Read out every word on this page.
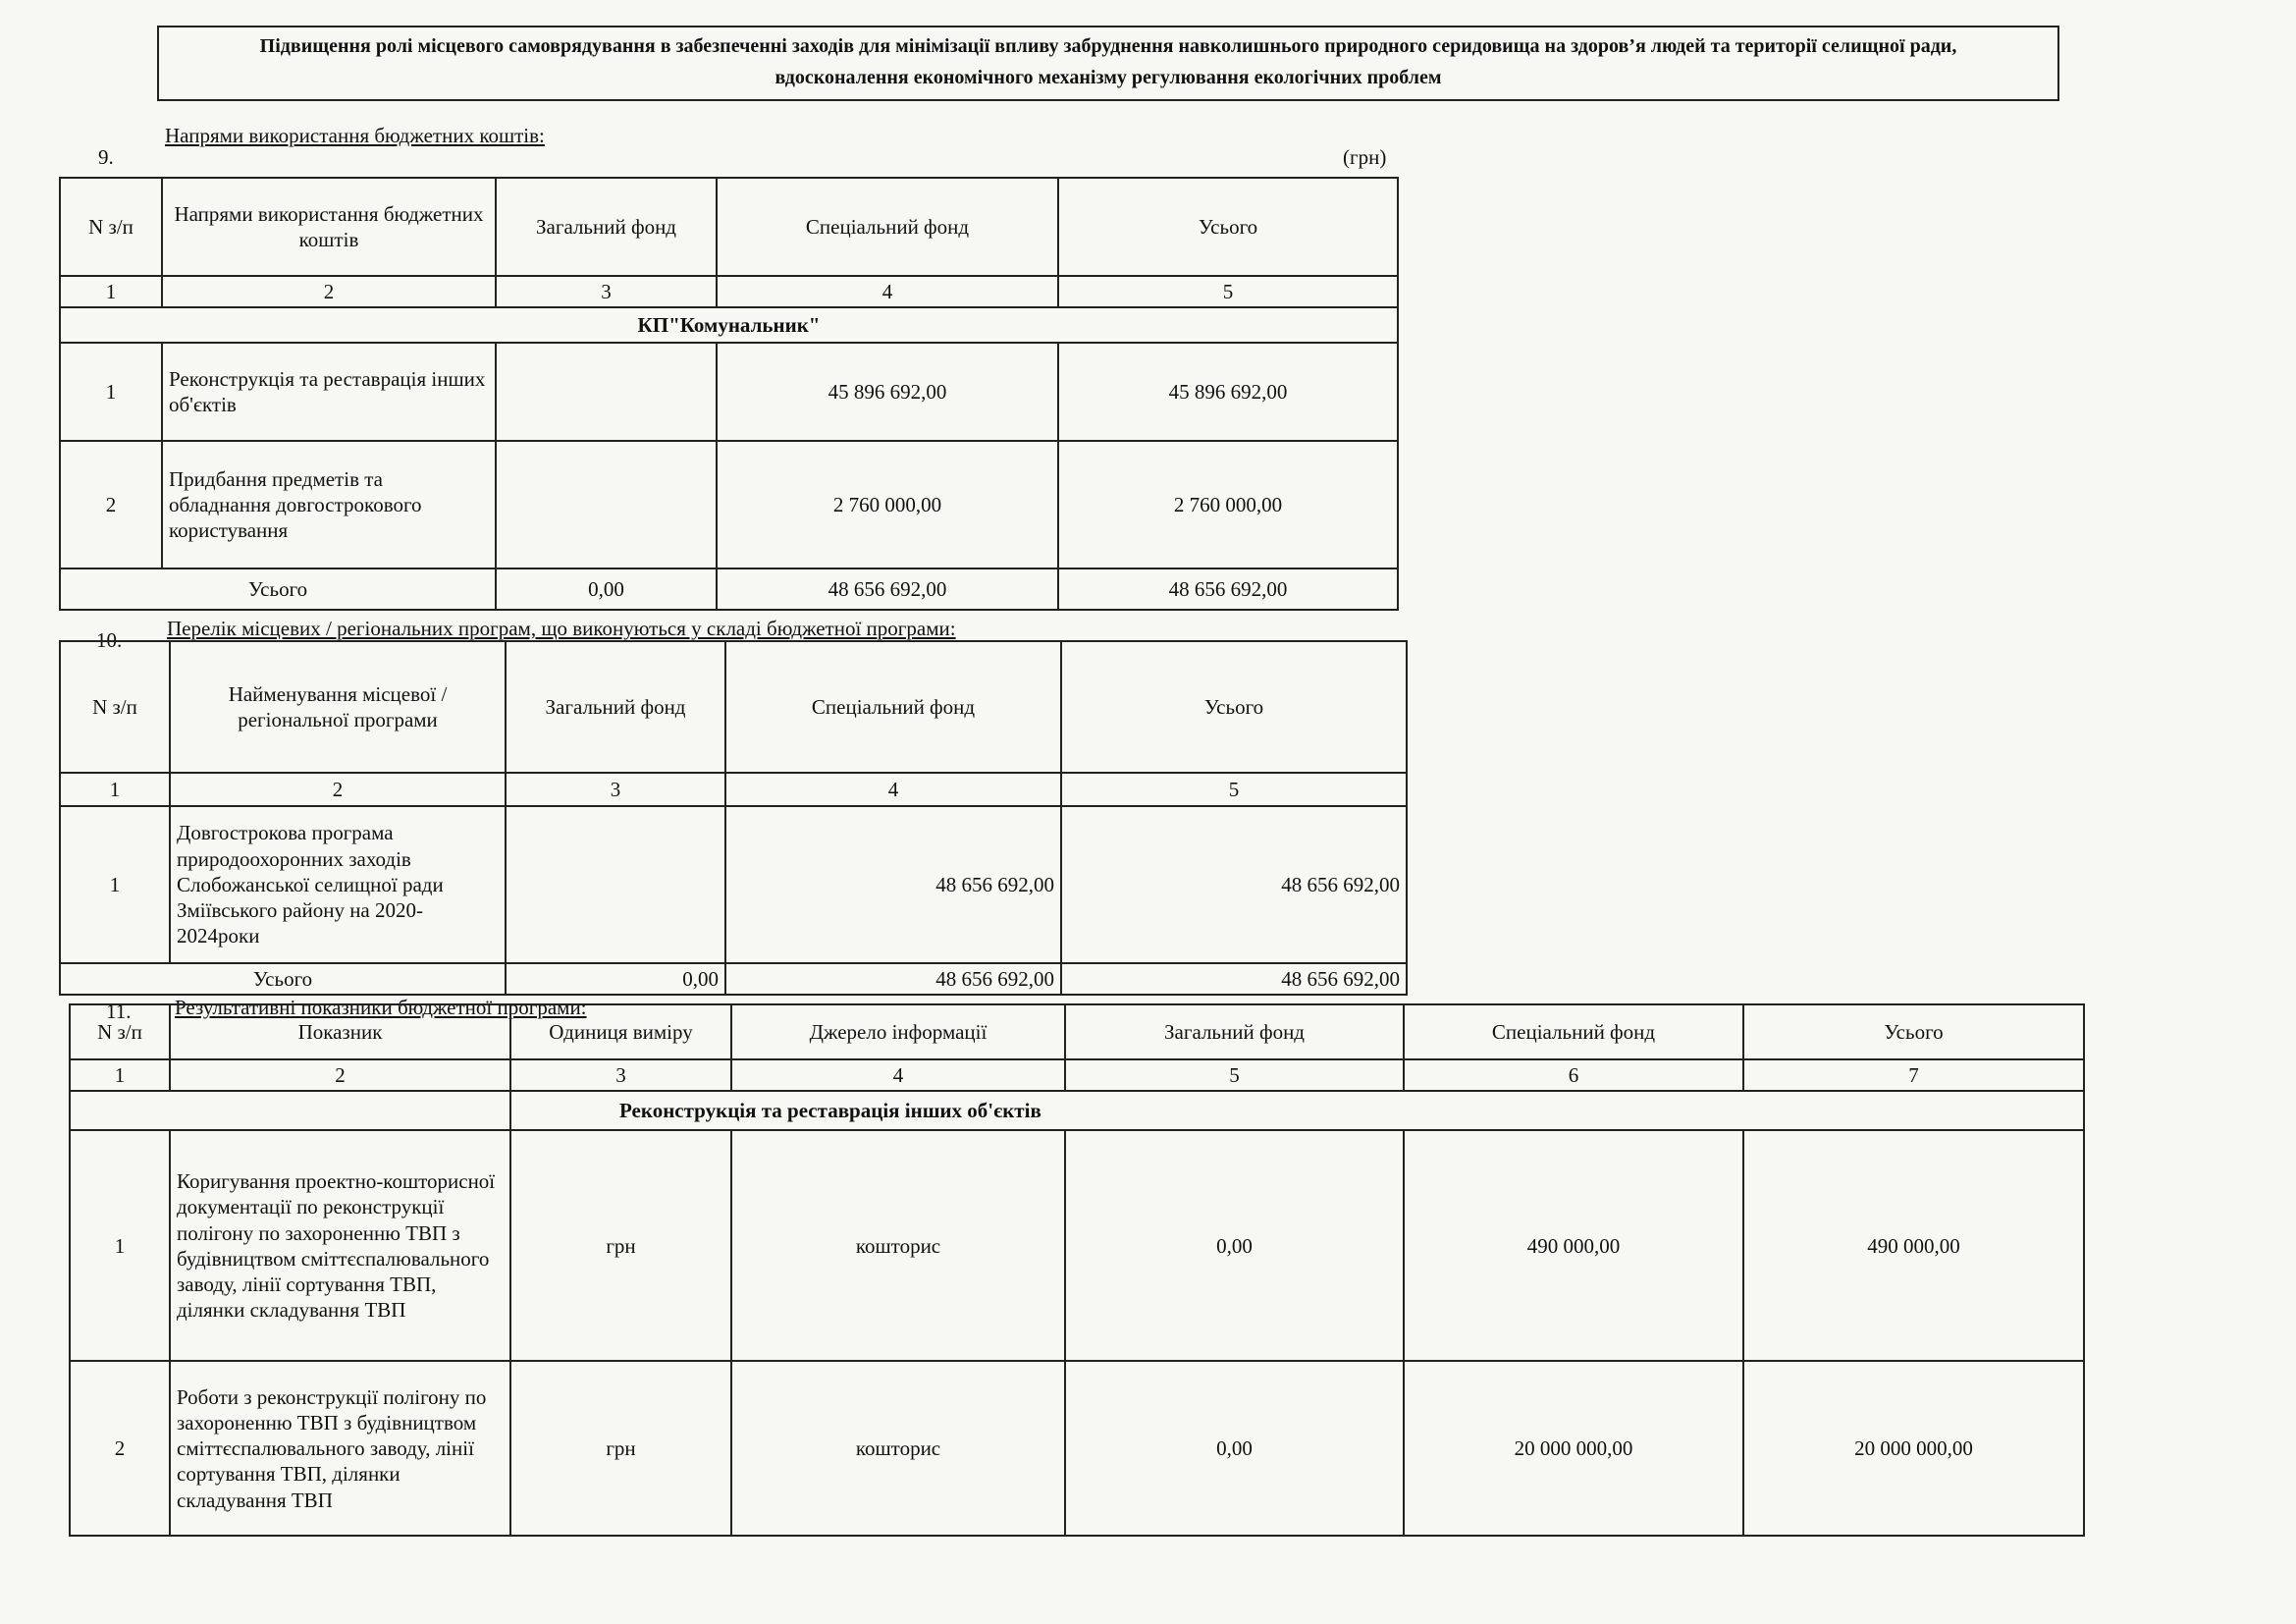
Підвищення ролі місцевого самоврядування в забезпеченні заходів для мінімізації впливу забруднення навколишнього природного серидовища на здоров’я людей та території селищної ради,
вдосконалення економічного механізму регулювання екологічних проблем
9.
Напрями використання бюджетних коштів:
(грн)
N з/п	Напрями використання бюджетних коштів	Загальний фонд	Спеціальний фонд	Усього
1	2	3	4	5
КП"Комунальник"				
1	Реконструкція та реставрація інших об'єктів		45 896 692,00	45 896 692,00
2	Придбання предметів та обладнання довгострокового користування		2 760 000,00	2 760 000,00
Усього		0,00	48 656 692,00	48 656 692,00
10. Перелік місцевих / регіональних програм, що виконуються у складі бюджетної програми:
N з/п	Найменування місцевої / регіональної програми	Загальний фонд	Спеціальний фонд	Усього
1	2	3	4	5
1	Довгострокова програма природоохоронних заходів Слобожанської селищної ради Зміївського району на 2020-2024роки		48 656 692,00	48 656 692,00
Усього		0,00	48 656 692,00	48 656 692,00
11. Результативні показники бюджетної програми:
N з/п	Показник	Одиниця виміру	Джерело інформації	Загальний фонд	Спеціальний фонд	Усього
1	2	3	4	5	6	7
		Реконструкція та реставрація інших об'єктів				
1	Коригування проектно-кошторисної документації по реконструкції полігону по захороненню ТВП з будівництвом сміттєспалювального заводу, лінії сортування ТВП, ділянки складування ТВП	грн	кошторис	0,00	490 000,00	490 000,00
2	Роботи з реконструкції полігону по захороненню ТВП з будівництвом сміттєспалювального заводу, лінії сортування ТВП, ділянки складування ТВП	грн	кошторис	0,00	20 000 000,00	20 000 000,00
